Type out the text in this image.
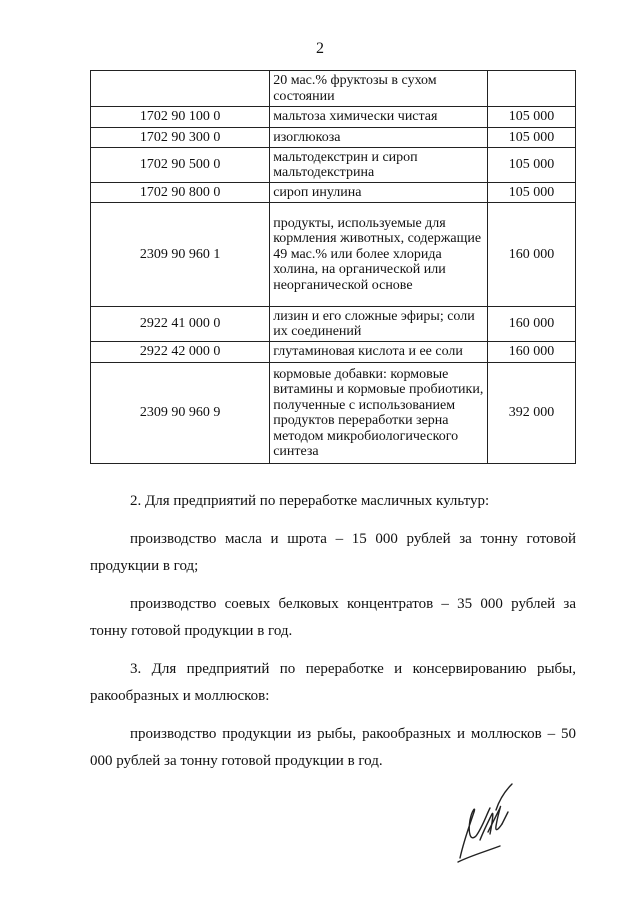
2
	20 мас.% фруктозы в сухом состоянии	
1702 90 100 0	мальтоза химически чистая	105 000
1702 90 300 0	изоглюкоза	105 000
1702 90 500 0	мальтодекстрин и сироп мальтодекстрина	105 000
1702 90 800 0	сироп инулина	105 000
2309 90 960 1	продукты, используемые для кормления животных, содержащие 49 мас.% или более хлорида холина, на органической или неорганической основе	160 000
2922 41 000 0	лизин и его сложные эфиры; соли их соединений	160 000
2922 42 000 0	глутаминовая кислота и ее соли	160 000
2309 90 960 9	кормовые добавки: кормовые витамины и кормовые пробиотики, полученные с использованием продуктов переработки зерна методом микробиологического синтеза	392 000

2. Для предприятий по переработке масличных культур:

производство масла и шрота – 15 000 рублей за тонну готовой продукции в год;

производство соевых белковых концентратов – 35 000 рублей за тонну готовой продукции в год.

3. Для предприятий по переработке и консервированию рыбы, ракообразных и моллюсков:

производство продукции из рыбы, ракообразных и моллюсков – 50 000 рублей за тонну готовой продукции в год.
